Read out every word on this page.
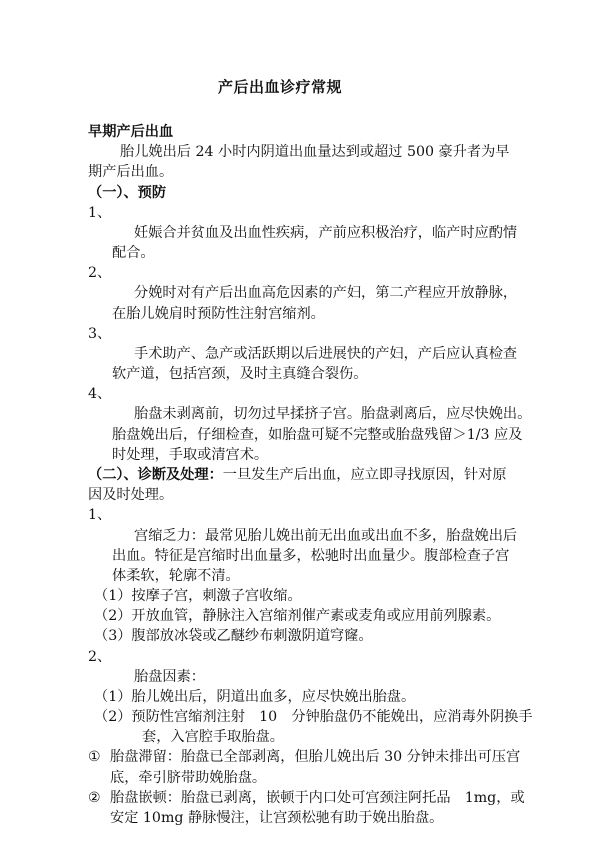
产后出血诊疗常规
早期产后出血
胎儿娩出后 24 小时内阴道出血量达到或超过 500 豪升者为早
期产后出血。
（一）、预防
1、
妊娠合并贫血及出血性疾病，产前应积极治疗，临产时应酌情
配合。
2、
分娩时对有产后出血高危因素的产妇，第二产程应开放静脉，
在胎儿娩肩时预防性注射宫缩剂。
3、
手术助产、急产或活跃期以后进展快的产妇，产后应认真检查
软产道，包括宫颈，及时主真缝合裂伤。
4、
胎盘未剥离前，切勿过早揉挤子宫。胎盘剥离后，应尽快娩出。
胎盘娩出后，仔细检查，如胎盘可疑不完整或胎盘残留＞1/3 应及
时处理，手取或清宫术。
（二）、诊断及处理：一旦发生产后出血，应立即寻找原因，针对原
因及时处理。
1、
宫缩乏力：最常见胎儿娩出前无出血或出血不多，胎盘娩出后
出血。特征是宫缩时出血量多，松驰时出血量少。腹部检查子宫
体柔软，轮廓不清。
（1）按摩子宫，刺激子宫收缩。
（2）开放血管，静脉注入宫缩剂催产素或麦角或应用前列腺素。
（3）腹部放冰袋或乙醚纱布刺激阴道穹窿。
2、
胎盘因素：
（1）胎儿娩出后，阴道出血多，应尽快娩出胎盘。
（2）预防性宫缩剂注射　10　分钟胎盘仍不能娩出，应消毒外阴换手
套，入宫腔手取胎盘。
① 胎盘滞留：胎盘已全部剥离，但胎儿娩出后 30 分钟未排出可压宫
底，牵引脐带助娩胎盘。
② 胎盘嵌顿：胎盘已剥离，嵌顿于内口处可宫颈注阿托品　1mg，或
安定 10mg 静脉慢注，让宫颈松驰有助于娩出胎盘。
